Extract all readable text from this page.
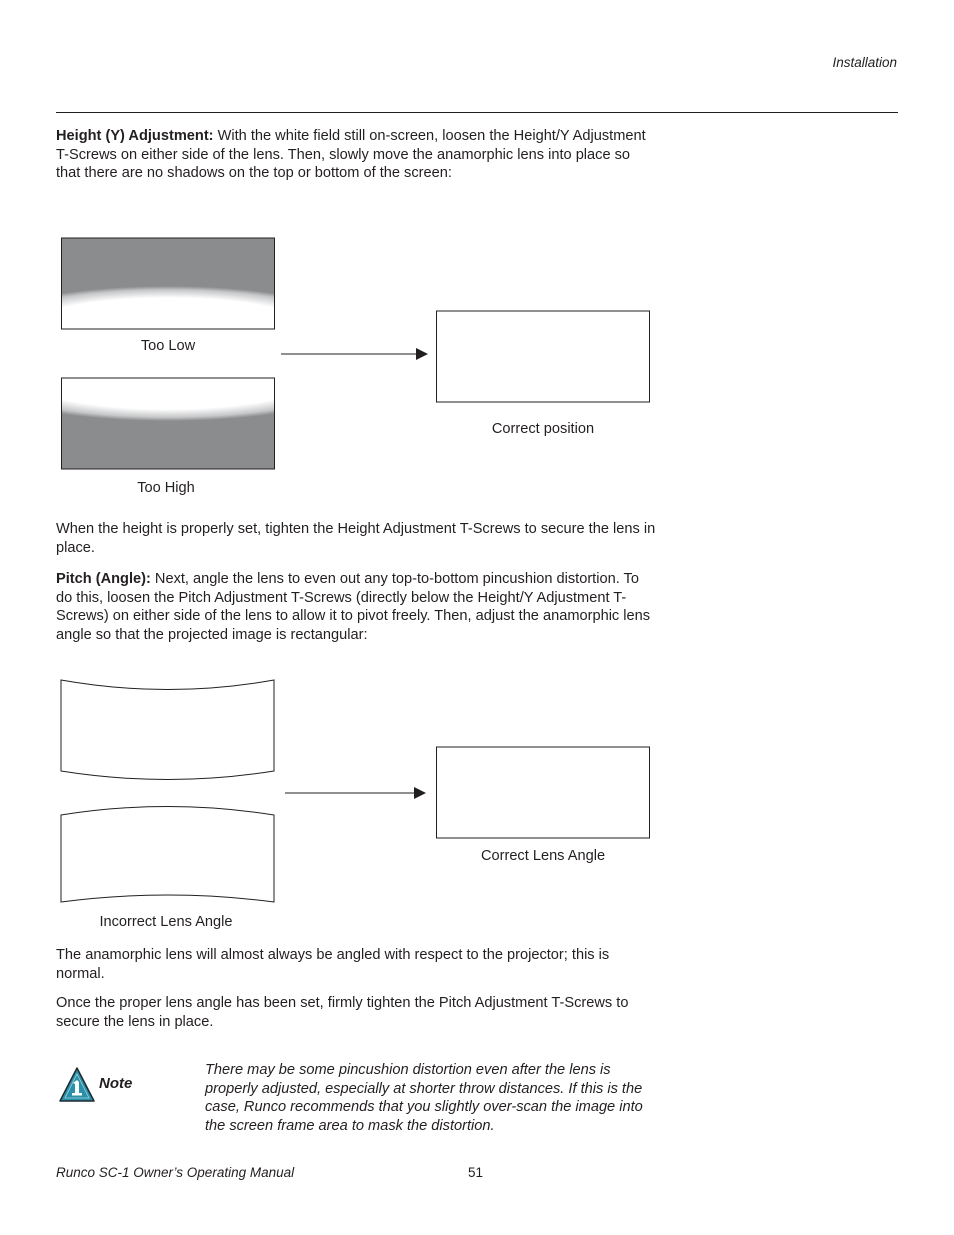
Installation
Height (Y) Adjustment: With the white field still on-screen, loosen the Height/Y Adjustment T-Screws on either side of the lens. Then, slowly move the anamorphic lens into place so that there are no shadows on the top or bottom of the screen:
Too Low
Too High
Correct position
When the height is properly set, tighten the Height Adjustment T-Screws to secure the lens in place.
Pitch (Angle): Next, angle the lens to even out any top-to-bottom pincushion distortion. To do this, loosen the Pitch Adjustment T-Screws (directly below the Height/Y Adjustment T-Screws) on either side of the lens to allow it to pivot freely. Then, adjust the anamorphic lens angle so that the projected image is rectangular:
Correct Lens Angle
Incorrect Lens Angle
The anamorphic lens will almost always be angled with respect to the projector; this is normal.
Once the proper lens angle has been set, firmly tighten the Pitch Adjustment T-Screws to secure the lens in place.
Note
There may be some pincushion distortion even after the lens is properly adjusted, especially at shorter throw distances. If this is the case, Runco recommends that you slightly over-scan the image into the screen frame area to mask the distortion.
Runco SC-1 Owner’s Operating Manual	51
